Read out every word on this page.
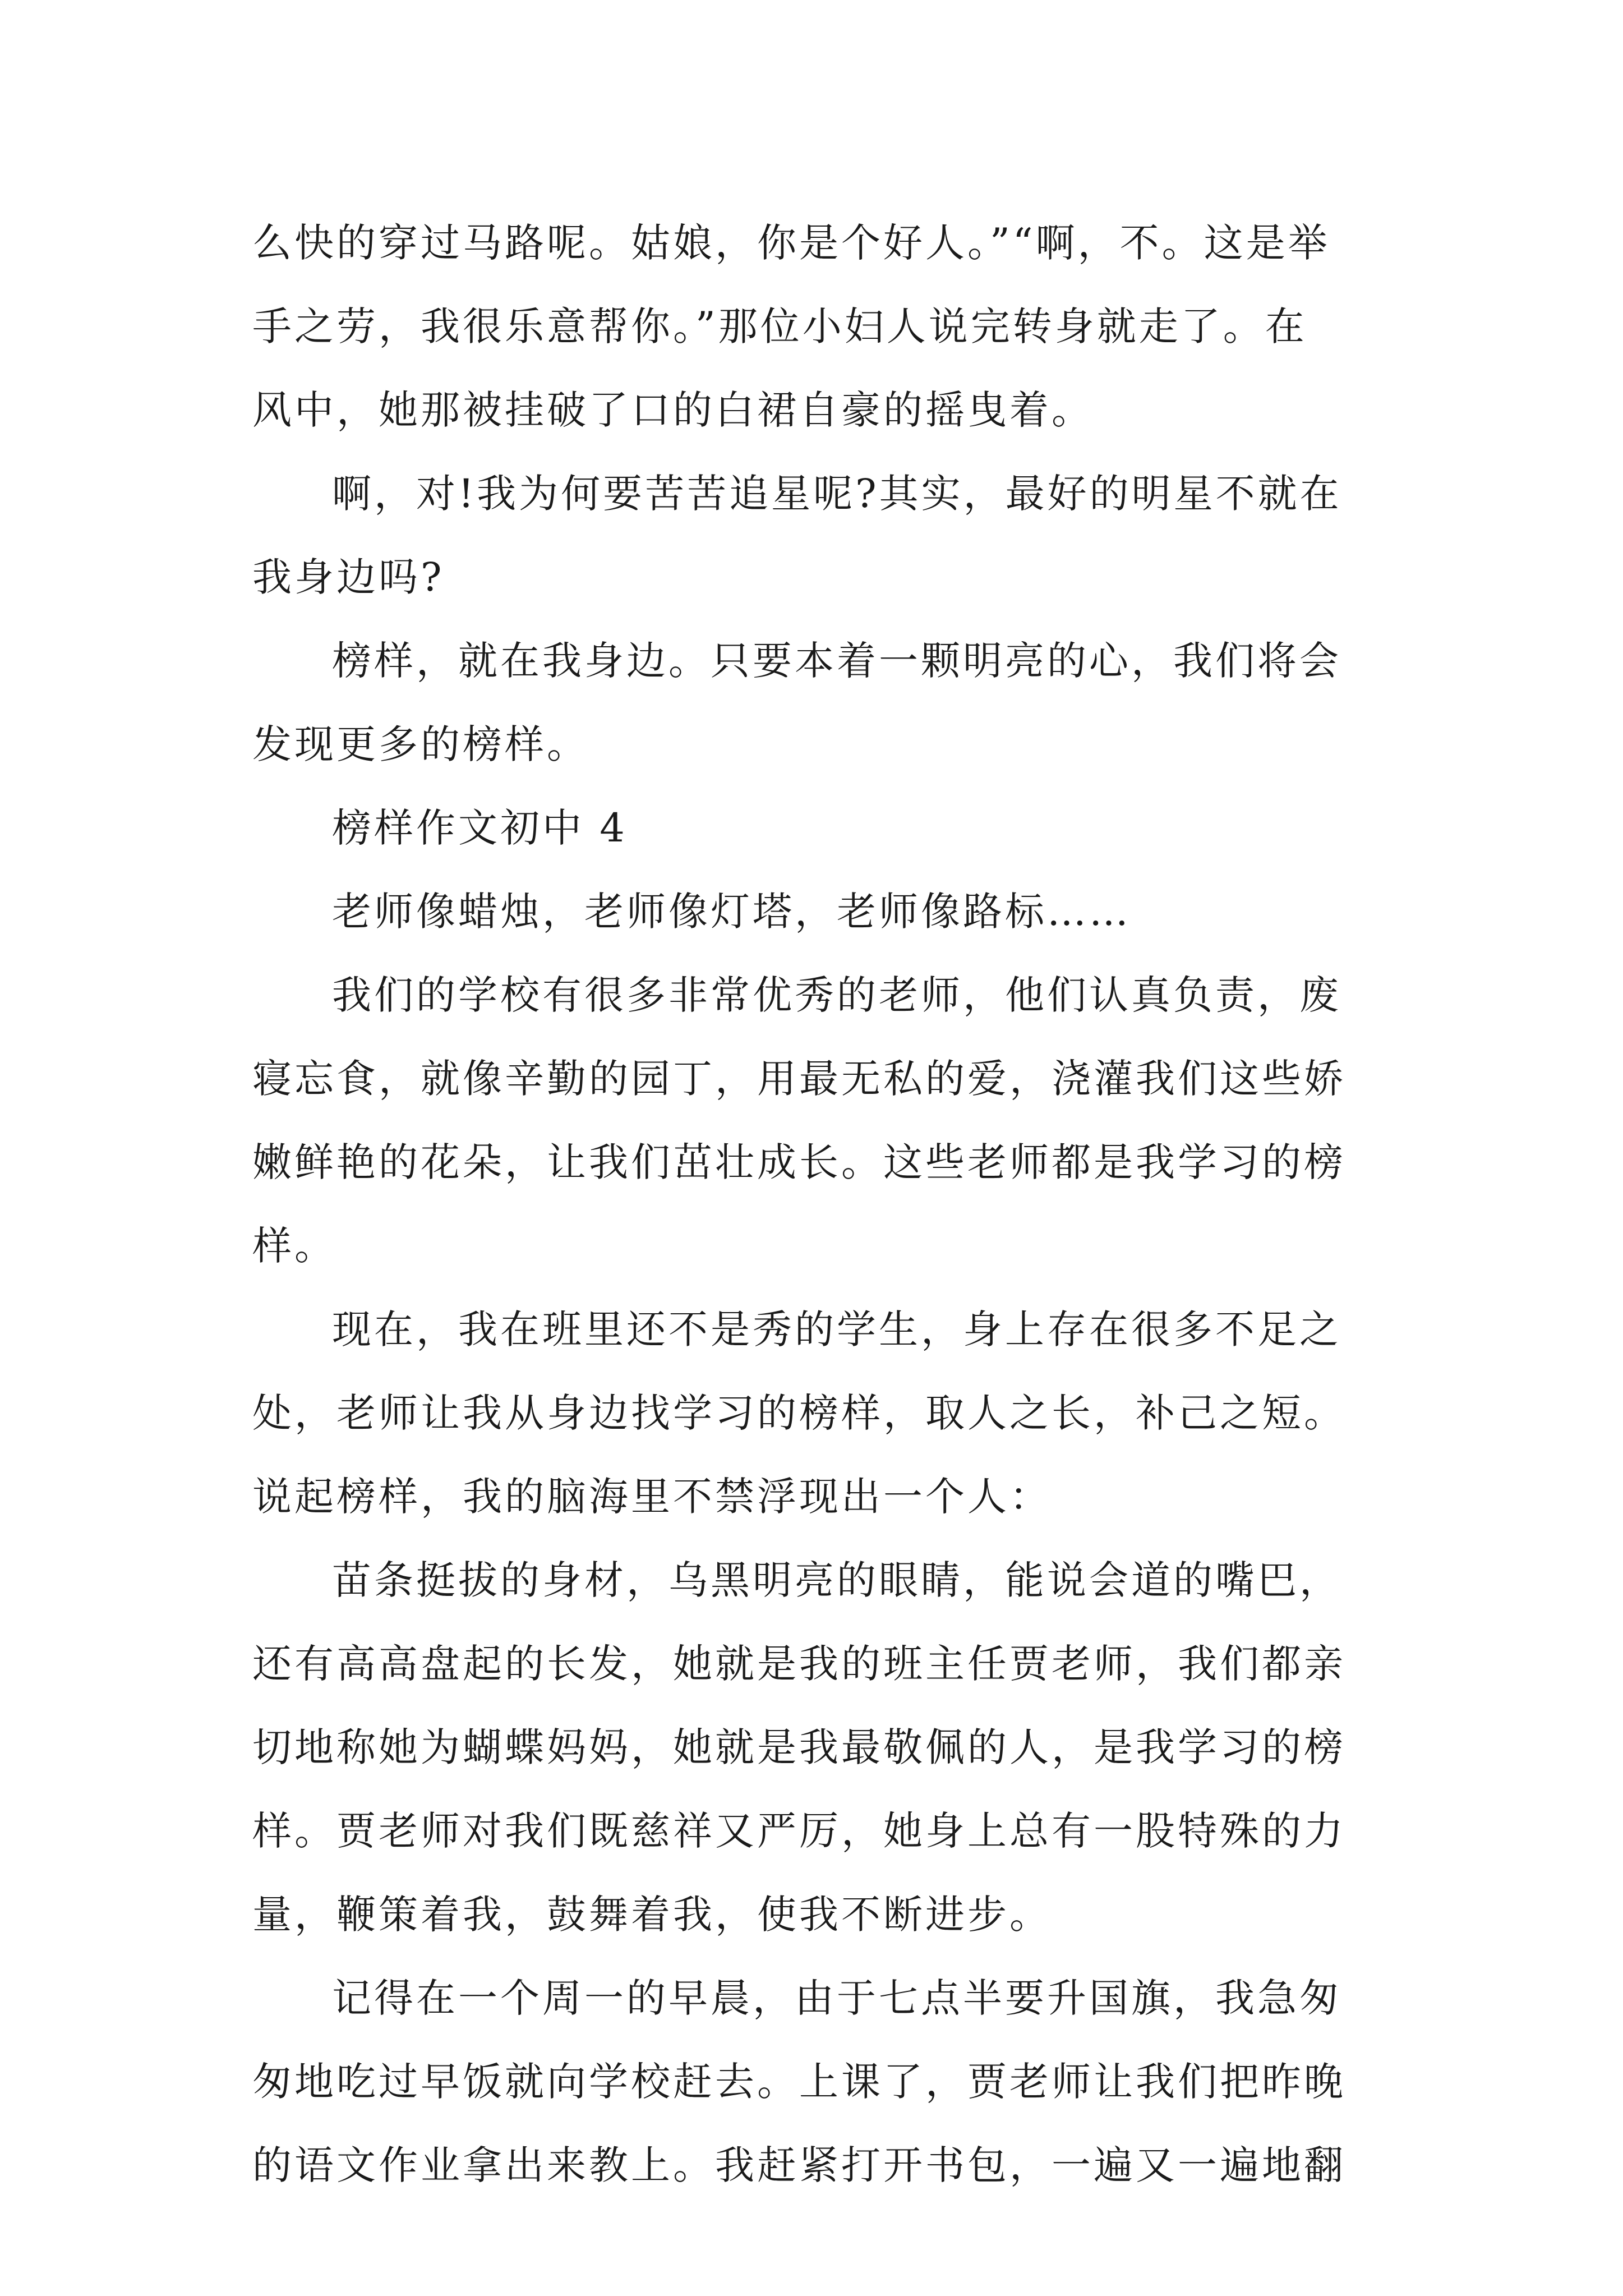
么快的穿过马路呢。姑娘，你是个好人。”“啊，不。这是举
手之劳，我很乐意帮你。”那位小妇人说完转身就走了。在
风中，她那被挂破了口的白裙自豪的摇曳着。
啊，对!我为何要苦苦追星呢?其实，最好的明星不就在
我身边吗?
榜样，就在我身边。只要本着一颗明亮的心，我们将会
发现更多的榜样。
榜样作文初中 4
老师像蜡烛，老师像灯塔，老师像路标……
我们的学校有很多非常优秀的老师，他们认真负责，废
寝忘食，就像辛勤的园丁，用最无私的爱，浇灌我们这些娇
嫩鲜艳的花朵，让我们茁壮成长。这些老师都是我学习的榜
样。
现在，我在班里还不是秀的学生，身上存在很多不足之
处，老师让我从身边找学习的榜样，取人之长，补己之短。
说起榜样，我的脑海里不禁浮现出一个人：
苗条挺拔的身材，乌黑明亮的眼睛，能说会道的嘴巴，
还有高高盘起的长发，她就是我的班主任贾老师，我们都亲
切地称她为蝴蝶妈妈，她就是我最敬佩的人，是我学习的榜
样。贾老师对我们既慈祥又严厉，她身上总有一股特殊的力
量，鞭策着我，鼓舞着我，使我不断进步。
记得在一个周一的早晨，由于七点半要升国旗，我急匆
匆地吃过早饭就向学校赶去。上课了，贾老师让我们把昨晚
的语文作业拿出来教上。我赶紧打开书包，一遍又一遍地翻
